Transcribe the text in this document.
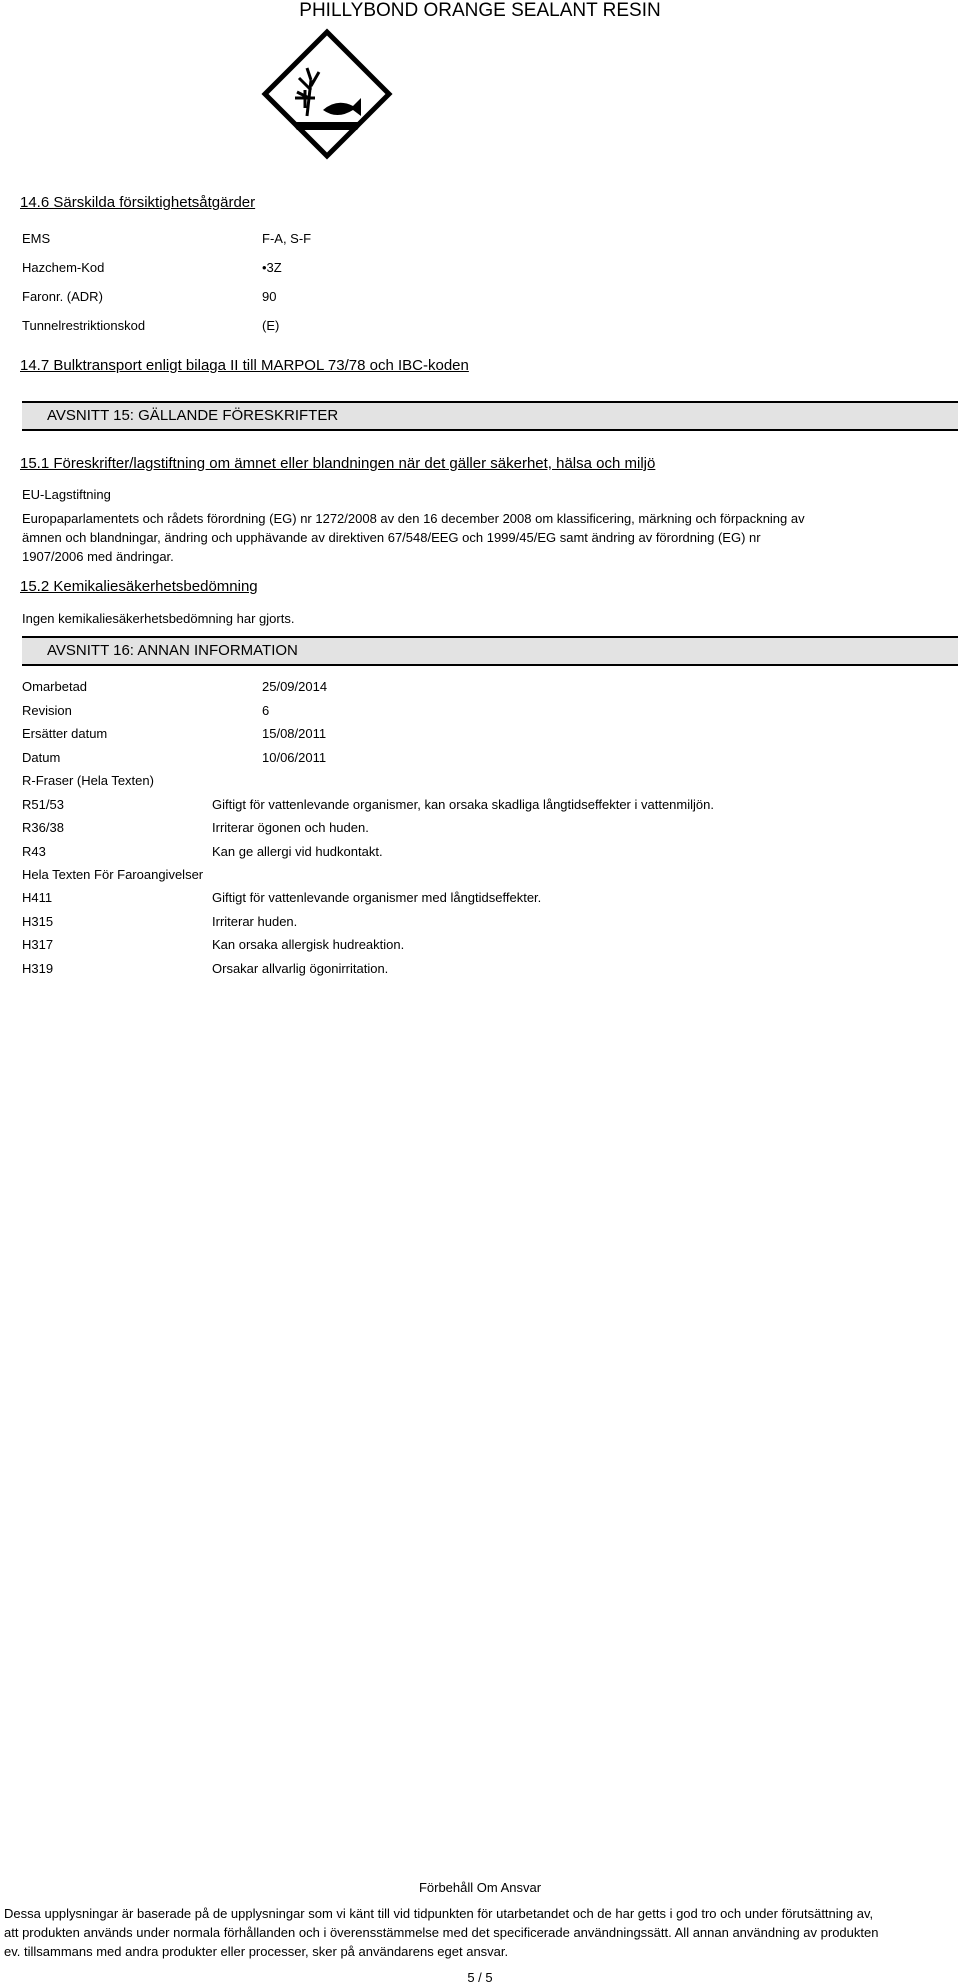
PHILLYBOND ORANGE SEALANT RESIN
14.6 Särskilda försiktighetsåtgärder
EMS	F-A, S-F
Hazchem-Kod	•3Z
Faronr. (ADR)	90
Tunnelrestriktionskod	(E)
14.7 Bulktransport enligt bilaga II till MARPOL 73/78 och IBC-koden
AVSNITT 15: GÄLLANDE FÖRESKRIFTER
15.1 Föreskrifter/lagstiftning om ämnet eller blandningen när det gäller säkerhet, hälsa och miljö
EU-Lagstiftning
Europaparlamentets och rådets förordning (EG) nr 1272/2008 av den 16 december 2008 om klassificering, märkning och förpackning av
ämnen och blandningar, ändring och upphävande av direktiven 67/548/EEG och 1999/45/EG samt ändring av förordning (EG) nr
1907/2006 med ändringar.
15.2 Kemikaliesäkerhetsbedömning
Ingen kemikaliesäkerhetsbedömning har gjorts.
AVSNITT 16: ANNAN INFORMATION
Omarbetad	25/09/2014
Revision	6
Ersätter datum	15/08/2011
Datum	10/06/2011
R-Fraser (Hela Texten)
R51/53	Giftigt för vattenlevande organismer, kan orsaka skadliga långtidseffekter i vattenmiljön.
R36/38	Irriterar ögonen och huden.
R43	Kan ge allergi vid hudkontakt.
Hela Texten För Faroangivelser
H411	Giftigt för vattenlevande organismer med långtidseffekter.
H315	Irriterar huden.
H317	Kan orsaka allergisk hudreaktion.
H319	Orsakar allvarlig ögonirritation.
Förbehåll Om Ansvar
Dessa upplysningar är baserade på de upplysningar som vi känt till vid tidpunkten för utarbetandet och de har getts i god tro och under förutsättning av,
att produkten används under normala förhållanden och i överensstämmelse med det specificerade användningssätt. All annan användning av produkten
ev. tillsammans med andra produkter eller processer, sker på användarens eget ansvar.
5 / 5
